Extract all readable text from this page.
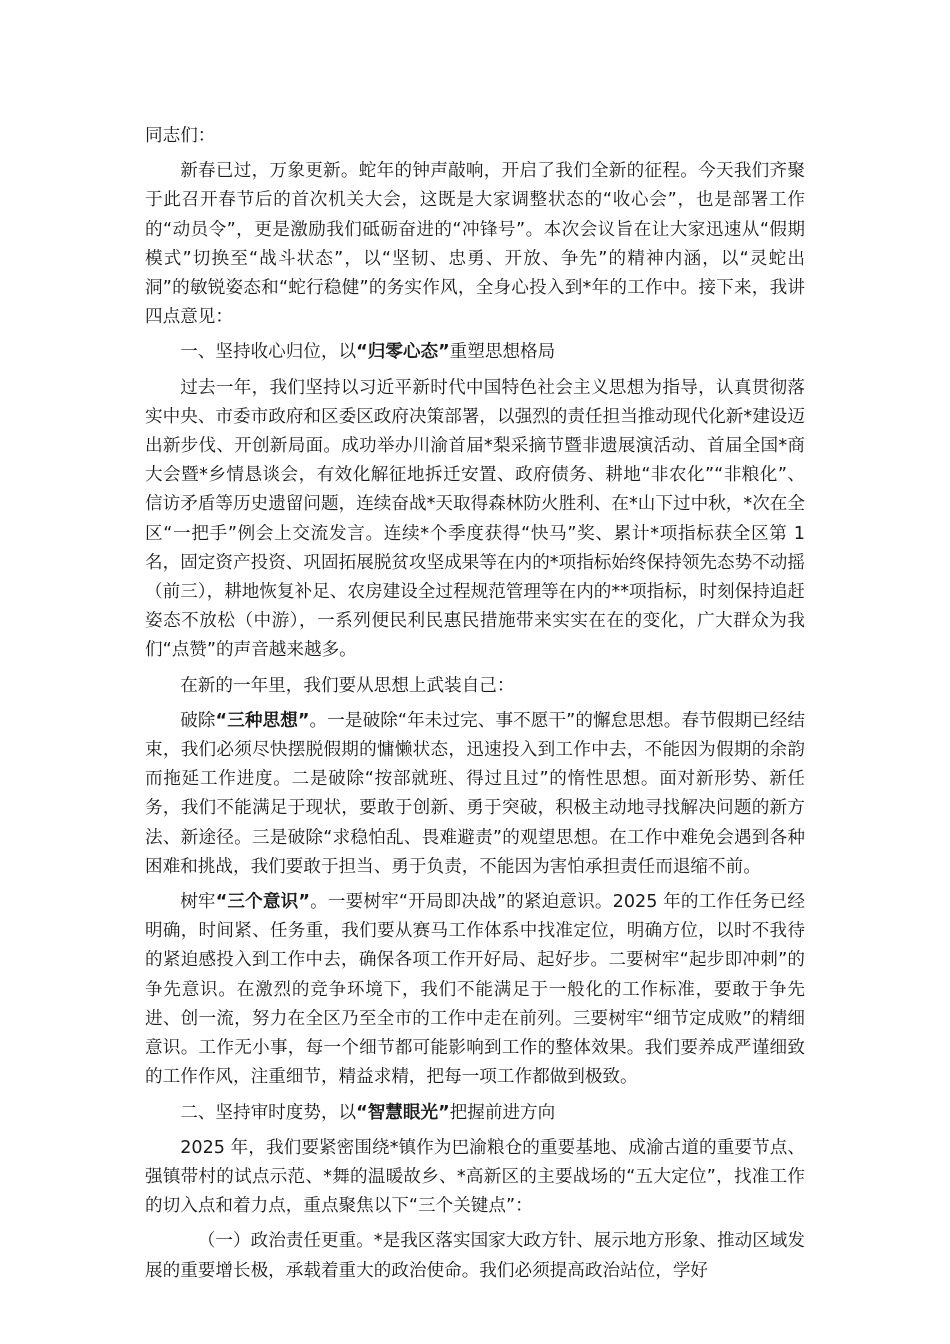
同志们：

新春已过，万象更新。蛇年的钟声敲响，开启了我们全新的征程。今天我们齐聚于此召开春节后的首次机关大会，这既是大家调整状态的“收心会”，也是部署工作的“动员令”，更是激励我们砥砺奋进的“冲锋号”。本次会议旨在让大家迅速从“假期模式”切换至“战斗状态”，以“坚韧、忠勇、开放、争先”的精神内涵，以“灵蛇出洞”的敏锐姿态和“蛇行稳健”的务实作风，全身心投入到*年的工作中。接下来，我讲四点意见：

一、坚持收心归位，以“归零心态”重塑思想格局

过去一年，我们坚持以习近平新时代中国特色社会主义思想为指导，认真贯彻落实中央、市委市政府和区委区政府决策部署，以强烈的责任担当推动现代化新*建设迈出新步伐、开创新局面。成功举办川渝首届*梨采摘节暨非遗展演活动、首届全国*商大会暨*乡情恳谈会，有效化解征地拆迁安置、政府债务、耕地“非农化”“非粮化”、信访矛盾等历史遗留问题，连续奋战*天取得森林防火胜利、在*山下过中秋，*次在全区“一把手”例会上交流发言。连续*个季度获得“快马”奖、累计*项指标获全区第 1 名，固定资产投资、巩固拓展脱贫攻坚成果等在内的*项指标始终保持领先态势不动摇（前三），耕地恢复补足、农房建设全过程规范管理等在内的**项指标，时刻保持追赶姿态不放松（中游），一系列便民利民惠民措施带来实实在在的变化，广大群众为我们“点赞”的声音越来越多。

在新的一年里，我们要从思想上武装自己：

破除“三种思想”。一是破除“年未过完、事不愿干”的懈怠思想。春节假期已经结束，我们必须尽快摆脱假期的慵懒状态，迅速投入到工作中去，不能因为假期的余韵而拖延工作进度。二是破除“按部就班、得过且过”的惰性思想。面对新形势、新任务，我们不能满足于现状，要敢于创新、勇于突破，积极主动地寻找解决问题的新方法、新途径。三是破除“求稳怕乱、畏难避责”的观望思想。在工作中难免会遇到各种困难和挑战，我们要敢于担当、勇于负责，不能因为害怕承担责任而退缩不前。

树牢“三个意识”。一要树牢“开局即决战”的紧迫意识。2025 年的工作任务已经明确，时间紧、任务重，我们要从赛马工作体系中找准定位，明确方位，以时不我待的紧迫感投入到工作中去，确保各项工作开好局、起好步。二要树牢“起步即冲刺”的争先意识。在激烈的竞争环境下，我们不能满足于一般化的工作标准，要敢于争先进、创一流，努力在全区乃至全市的工作中走在前列。三要树牢“细节定成败”的精细意识。工作无小事，每一个细节都可能影响到工作的整体效果。我们要养成严谨细致的工作作风，注重细节，精益求精，把每一项工作都做到极致。

二、坚持审时度势，以“智慧眼光”把握前进方向

2025 年，我们要紧密围绕*镇作为巴渝粮仓的重要基地、成渝古道的重要节点、强镇带村的试点示范、*舞的温暖故乡、*高新区的主要战场的“五大定位”，找准工作的切入点和着力点，重点聚焦以下“三个关键点”：

（一）政治责任更重。*是我区落实国家大政方针、展示地方形象、推动区域发展的重要增长极，承载着重大的政治使命。我们必须提高政治站位，学好
